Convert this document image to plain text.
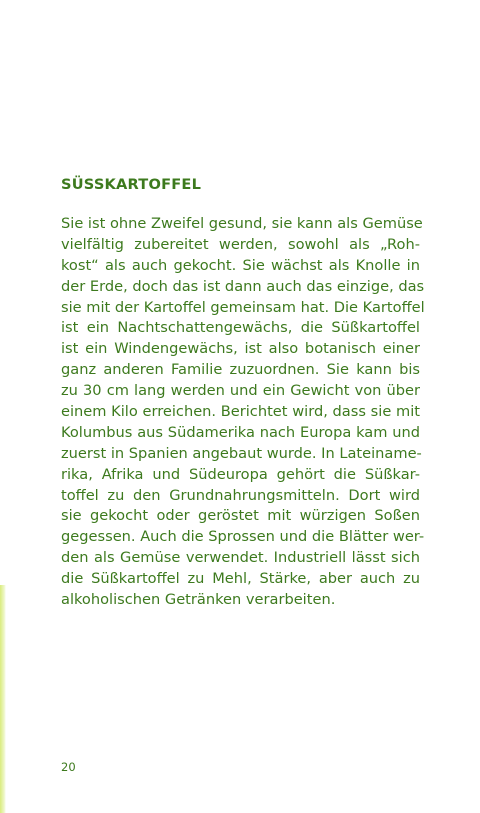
SÜSSKARTOFFEL
Sie ist ohne Zweifel gesund, sie kann als Gemüse
vielfältig zubereitet werden, sowohl als „Roh-
kost“ als auch gekocht. Sie wächst als Knolle in
der Erde, doch das ist dann auch das einzige, das
sie mit der Kartoffel gemeinsam hat. Die Kartoffel
ist ein Nachtschattengewächs, die Süßkartoffel
ist ein Windengewächs, ist also botanisch einer
ganz anderen Familie zuzuordnen. Sie kann bis
zu 30 cm lang werden und ein Gewicht von über
einem Kilo erreichen. Berichtet wird, dass sie mit
Kolumbus aus Südamerika nach Europa kam und
zuerst in Spanien angebaut wurde. In Lateiname-
rika, Afrika und Südeuropa gehört die Süßkar-
toffel zu den Grundnahrungsmitteln. Dort wird
sie gekocht oder geröstet mit würzigen Soßen
gegessen. Auch die Sprossen und die Blätter wer-
den als Gemüse verwendet. Industriell lässt sich
die Süßkartoffel zu Mehl, Stärke, aber auch zu
alkoholischen Getränken verarbeiten.
20
